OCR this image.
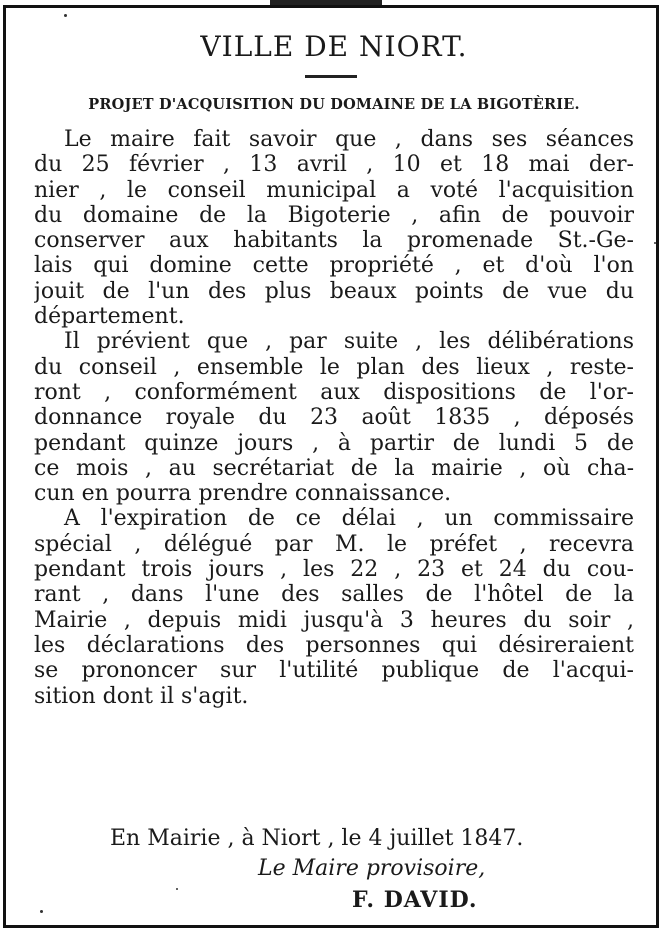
VILLE DE NIORT.
PROJET D'ACQUISITION DU DOMAINE DE LA BIGOTÈRIE.
Le maire fait savoir que , dans ses séances
du 25 février , 13 avril , 10 et 18 mai der-
nier , le conseil municipal a voté l'acquisition
du domaine de la Bigoterie , afin de pouvoir
conserver aux habitants la promenade St.-Ge-
lais qui domine cette propriété , et d'où l'on
jouit de l'un des plus beaux points de vue du
département.
Il prévient que , par suite , les délibérations
du conseil , ensemble le plan des lieux , reste-
ront , conformément aux dispositions de l'or-
donnance royale du 23 août 1835 , déposés
pendant quinze jours , à partir de lundi 5 de
ce mois , au secrétariat de la mairie , où cha-
cun en pourra prendre connaissance.
A l'expiration de ce délai , un commissaire
spécial , délégué par M. le préfet , recevra
pendant trois jours , les 22 , 23 et 24 du cou-
rant , dans l'une des salles de l'hôtel de la
Mairie , depuis midi jusqu'à 3 heures du soir ,
les déclarations des personnes qui désireraient
se prononcer sur l'utilité publique de l'acqui-
sition dont il s'agit.
En Mairie , à Niort , le 4 juillet 1847.
Le Maire provisoire,
F. DAVID.
